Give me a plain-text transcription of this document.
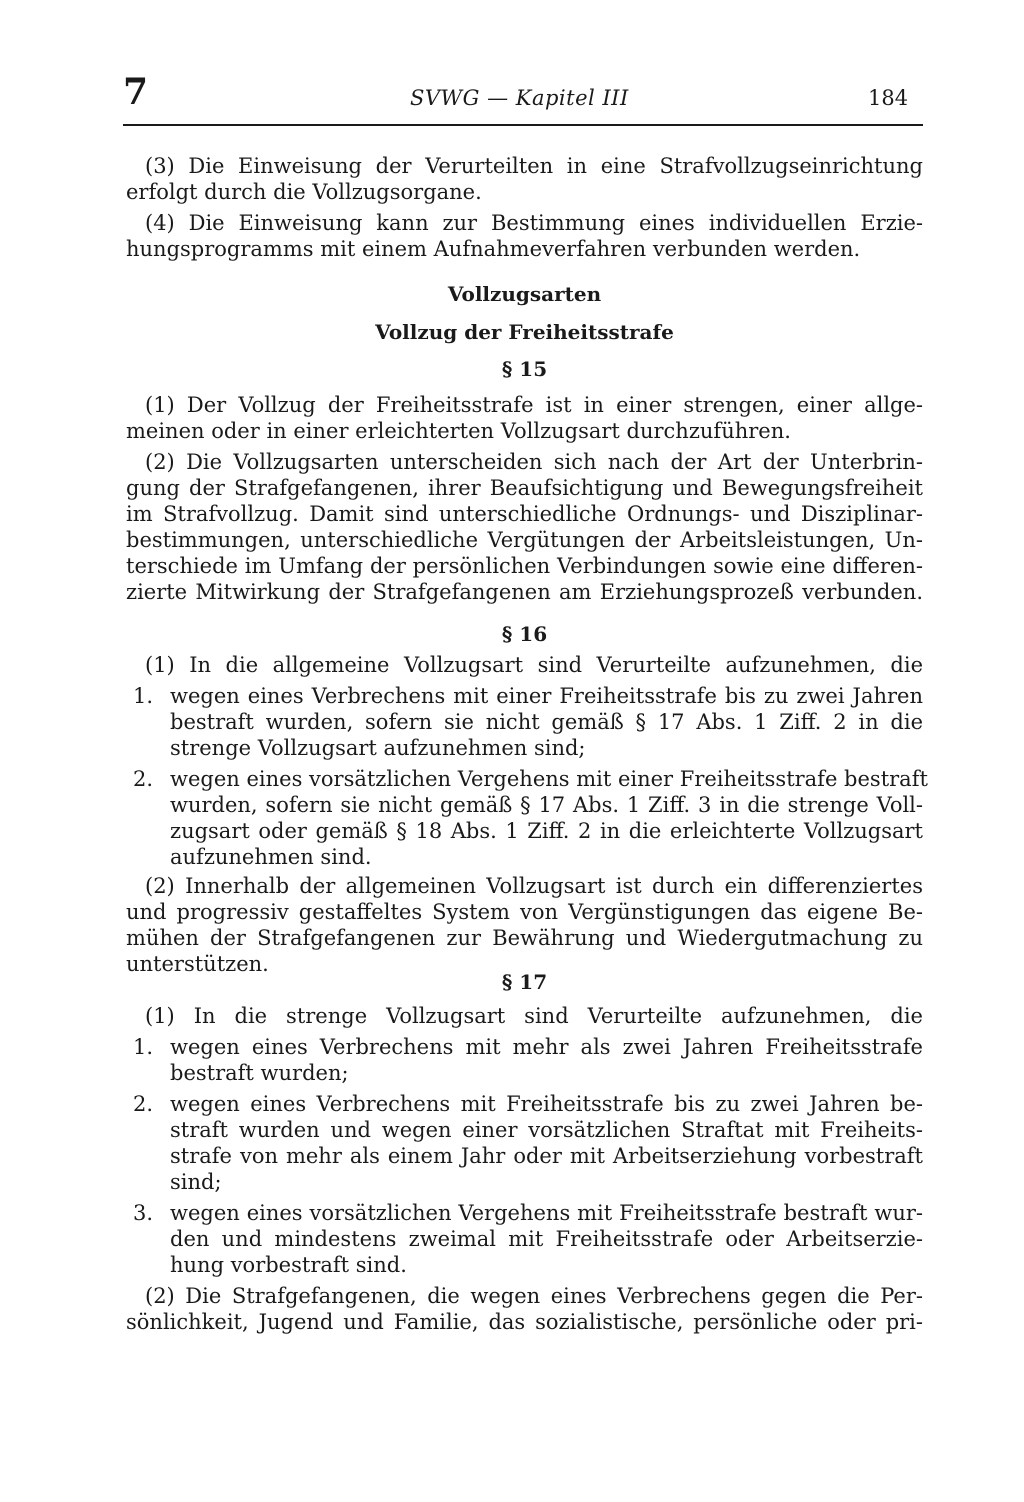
7	SVWG — Kapitel III	184
(3) Die Einweisung der Verurteilten in eine Strafvollzugseinrichtung
erfolgt durch die Vollzugsorgane.
(4) Die Einweisung kann zur Bestimmung eines individuellen Erzie-
hungsprogramms mit einem Aufnahmeverfahren verbunden werden.
Vollzugsarten
Vollzug der Freiheitsstrafe
§ 15
(1) Der Vollzug der Freiheitsstrafe ist in einer strengen, einer allge-
meinen oder in einer erleichterten Vollzugsart durchzuführen.
(2) Die Vollzugsarten unterscheiden sich nach der Art der Unterbrin-
gung der Strafgefangenen, ihrer Beaufsichtigung und Bewegungsfreiheit
im Strafvollzug. Damit sind unterschiedliche Ordnungs- und Disziplinar-
bestimmungen, unterschiedliche Vergütungen der Arbeitsleistungen, Un-
terschiede im Umfang der persönlichen Verbindungen sowie eine differen-
zierte Mitwirkung der Strafgefangenen am Erziehungsprozeß verbunden.
§ 16
(1) In die allgemeine Vollzugsart sind Verurteilte aufzunehmen, die
1. wegen eines Verbrechens mit einer Freiheitsstrafe bis zu zwei Jahren
bestraft wurden, sofern sie nicht gemäß § 17 Abs. 1 Ziff. 2 in die
strenge Vollzugsart aufzunehmen sind;
2. wegen eines vorsätzlichen Vergehens mit einer Freiheitsstrafe bestraft
wurden, sofern sie nicht gemäß § 17 Abs. 1 Ziff. 3 in die strenge Voll-
zugsart oder gemäß § 18 Abs. 1 Ziff. 2 in die erleichterte Vollzugsart
aufzunehmen sind.
(2) Innerhalb der allgemeinen Vollzugsart ist durch ein differenziertes
und progressiv gestaffeltes System von Vergünstigungen das eigene Be-
mühen der Strafgefangenen zur Bewährung und Wiedergutmachung zu
unterstützen.
§ 17
(1) In die strenge Vollzugsart sind Verurteilte aufzunehmen, die
1. wegen eines Verbrechens mit mehr als zwei Jahren Freiheitsstrafe
bestraft wurden;
2. wegen eines Verbrechens mit Freiheitsstrafe bis zu zwei Jahren be-
straft wurden und wegen einer vorsätzlichen Straftat mit Freiheits-
strafe von mehr als einem Jahr oder mit Arbeitserziehung vorbestraft
sind;
3. wegen eines vorsätzlichen Vergehens mit Freiheitsstrafe bestraft wur-
den und mindestens zweimal mit Freiheitsstrafe oder Arbeitserzie-
hung vorbestraft sind.
(2) Die Strafgefangenen, die wegen eines Verbrechens gegen die Per-
sönlichkeit, Jugend und Familie, das sozialistische, persönliche oder pri-
